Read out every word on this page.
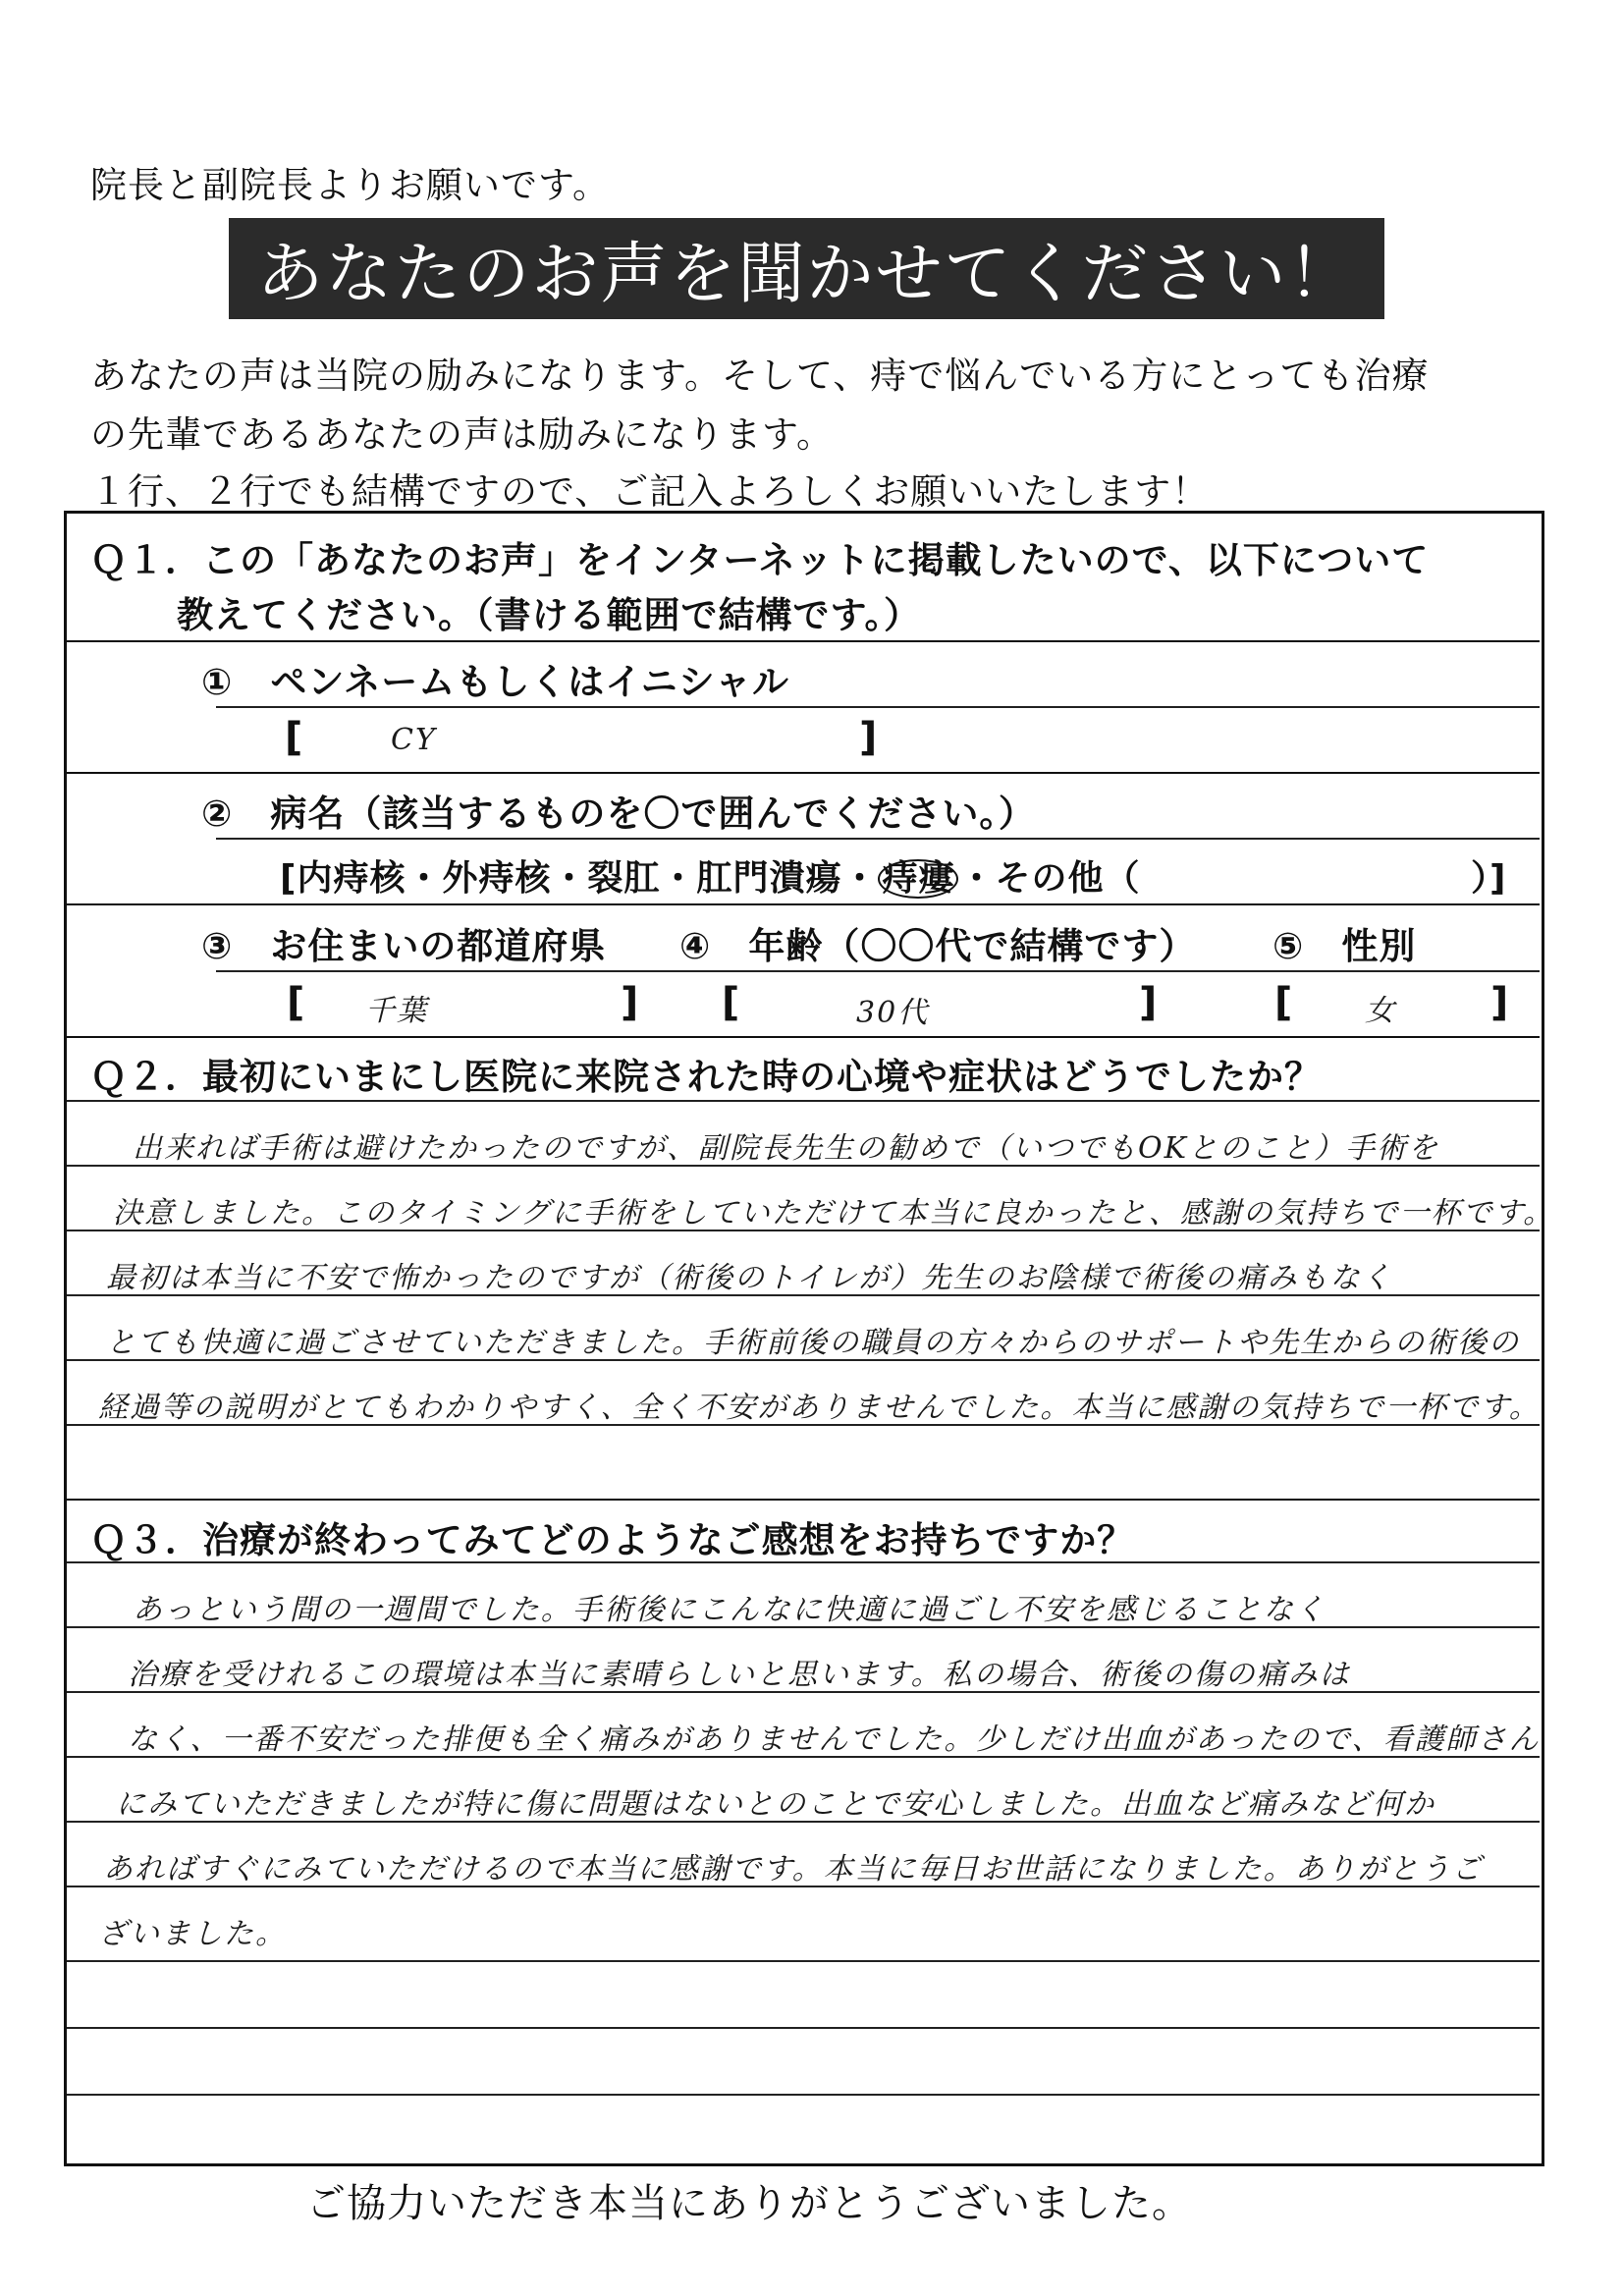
院長と副院長よりお願いです。
あなたのお声を聞かせてください！
あなたの声は当院の励みになります。そして、痔で悩んでいる方にとっても治療
の先輩であるあなたの声は励みになります。
１行、２行でも結構ですので、ご記入よろしくお願いいたします！
Ｑ１．この「あなたのお声」をインターネットに掲載したいので、以下について
教えてください。（書ける範囲で結構です。）
①　ペンネームもしくはイニシャル
[	CY	]
②　病名（該当するものを〇で囲んでください。）
[内痔核・外痔核・裂肛・肛門潰瘍・ 痔瘻 ・その他（	）]
③　お住まいの都道府県 ④　年齢（〇〇代で結構です） ⑤　性別
[ 千葉	] [	30代	]	[ 女 ]
Ｑ２．最初にいまにし医院に来院された時の心境や症状はどうでしたか？
出来れば手術は避けたかったのですが、副院長先生の勧めで（いつでもOKとのこと）手術を
決意しました。このタイミングに手術をしていただけて本当に良かったと、感謝の気持ちで一杯です。
最初は本当に不安で怖かったのですが（術後のトイレが）先生のお陰様で術後の痛みもなく
とても快適に過ごさせていただきました。手術前後の職員の方々からのサポートや先生からの術後の
経過等の説明がとてもわかりやすく、全く不安がありませんでした。本当に感謝の気持ちで一杯です。
Ｑ３．治療が終わってみてどのようなご感想をお持ちですか？
あっという間の一週間でした。手術後にこんなに快適に過ごし不安を感じることなく
治療を受けれるこの環境は本当に素晴らしいと思います。私の場合、術後の傷の痛みは
なく、一番不安だった排便も全く痛みがありませんでした。少しだけ出血があったので、看護師さん
にみていただきましたが特に傷に問題はないとのことで安心しました。出血など痛みなど何か
あればすぐにみていただけるので本当に感謝です。本当に毎日お世話になりました。ありがとうご
ざいました。
ご協力いただき本当にありがとうございました。
